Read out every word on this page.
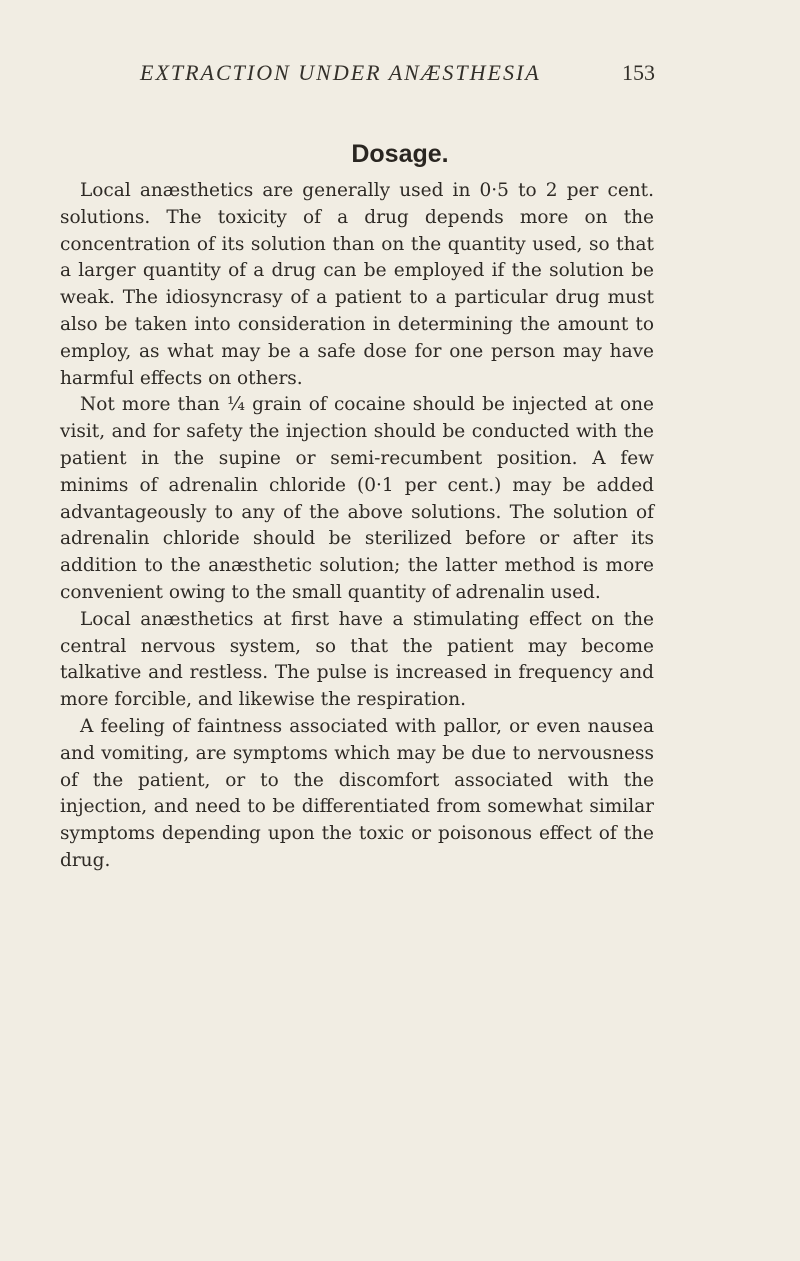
EXTRACTION UNDER ANÆSTHESIA	153
Dosage.

Local anæsthetics are generally used in 0·5 to 2 per cent. solutions. The toxicity of a drug depends more on the concentration of its solution than on the quantity used, so that a larger quantity of a drug can be employed if the solution be weak. The idiosyncrasy of a patient to a particular drug must also be taken into consideration in determining the amount to employ, as what may be a safe dose for one person may have harmful effects on others.

Not more than ¼ grain of cocaine should be injected at one visit, and for safety the injection should be conducted with the patient in the supine or semi-recumbent position. A few minims of adrenalin chloride (0·1 per cent.) may be added advantageously to any of the above solutions. The solution of adrenalin chloride should be sterilized before or after its addition to the anæsthetic solution; the latter method is more convenient owing to the small quantity of adrenalin used.

Local anæsthetics at first have a stimulating effect on the central nervous system, so that the patient may become talkative and restless. The pulse is increased in frequency and more forcible, and likewise the respiration.

A feeling of faintness associated with pallor, or even nausea and vomiting, are symptoms which may be due to nervousness of the patient, or to the discomfort associated with the injection, and need to be differentiated from somewhat similar symptoms depending upon the toxic or poisonous effect of the drug.
